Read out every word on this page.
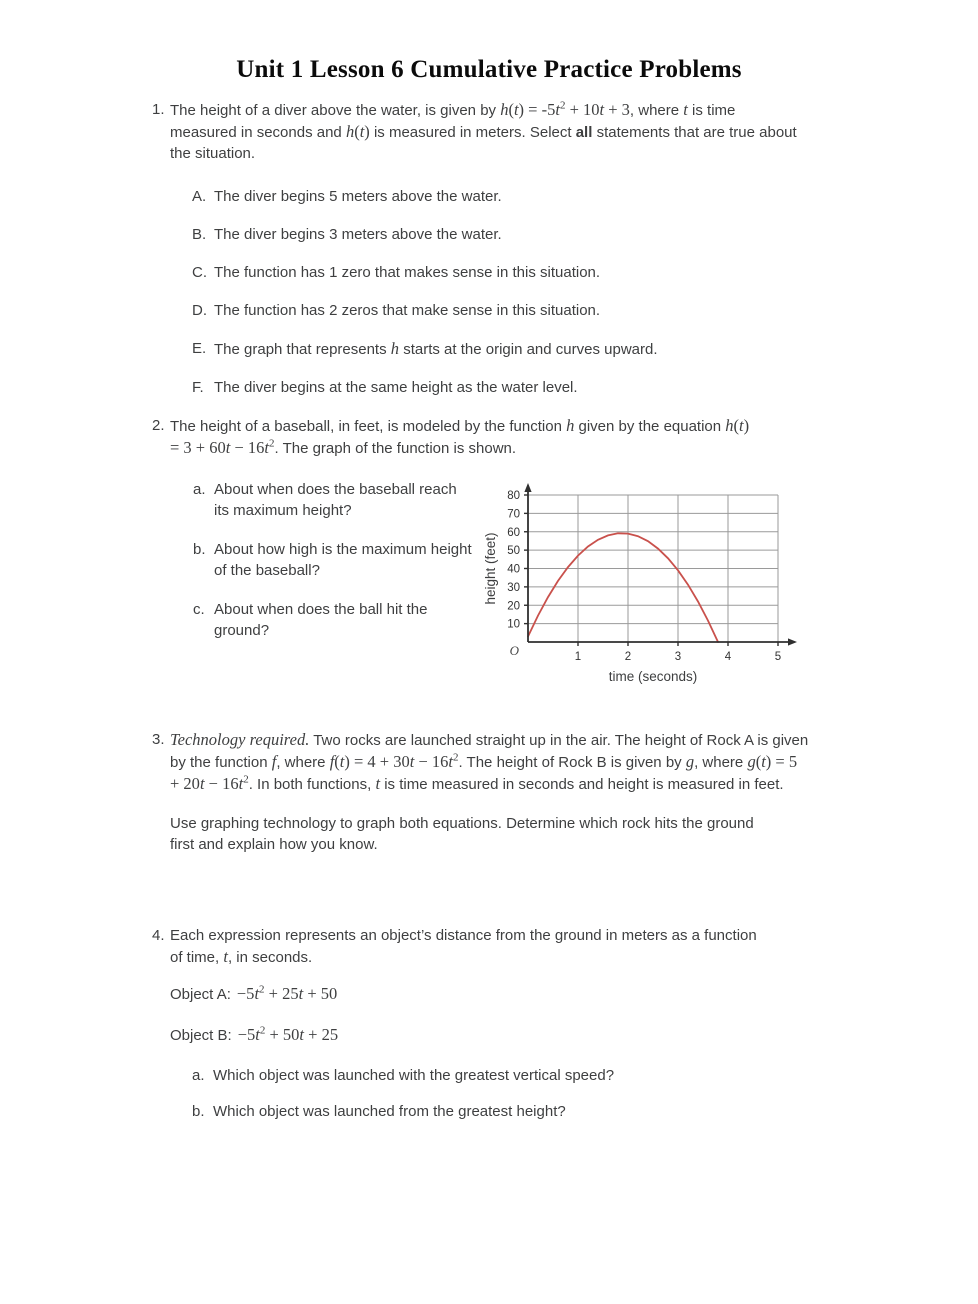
Unit 1 Lesson 6 Cumulative Practice Problems
1. The height of a diver above the water, is given by $h(t) = -5t^2 + 10t + 3$, where t is time measured in seconds and h(t) is measured in meters. Select all statements that are true about the situation.
A. The diver begins 5 meters above the water.
B. The diver begins 3 meters above the water.
C. The function has 1 zero that makes sense in this situation.
D. The function has 2 zeros that make sense in this situation.
E. The graph that represents h starts at the origin and curves upward.
F. The diver begins at the same height as the water level.
2. The height of a baseball, in feet, is modeled by the function h given by the equation $h(t) = 3 + 60t - 16t^2$. The graph of the function is shown.
a. About when does the baseball reach its maximum height?
b. About how high is the maximum height of the baseball?
c. About when does the ball hit the ground?	10
20
30
40
50
60
70
80
1	2	3	4	5
O
time (seconds)
height (feet)
3. Technology required. Two rocks are launched straight up in the air. The height of Rock A is given by the function f, where $f(t) = 4 + 30t - 16t^2$. The height of Rock B is given by g, where $g(t) = 5 + 20t - 16t^2$. In both functions, t is time measured in seconds and height is measured in feet.
Use graphing technology to graph both equations. Determine which rock hits the ground first and explain how you know.
4. Each expression represents an object’s distance from the ground in meters as a function of time, t, in seconds.
Object A: $-5t^2 + 25t + 50$
Object B: $-5t^2 + 50t + 25$
a. Which object was launched with the greatest vertical speed?
b. Which object was launched from the greatest height?
